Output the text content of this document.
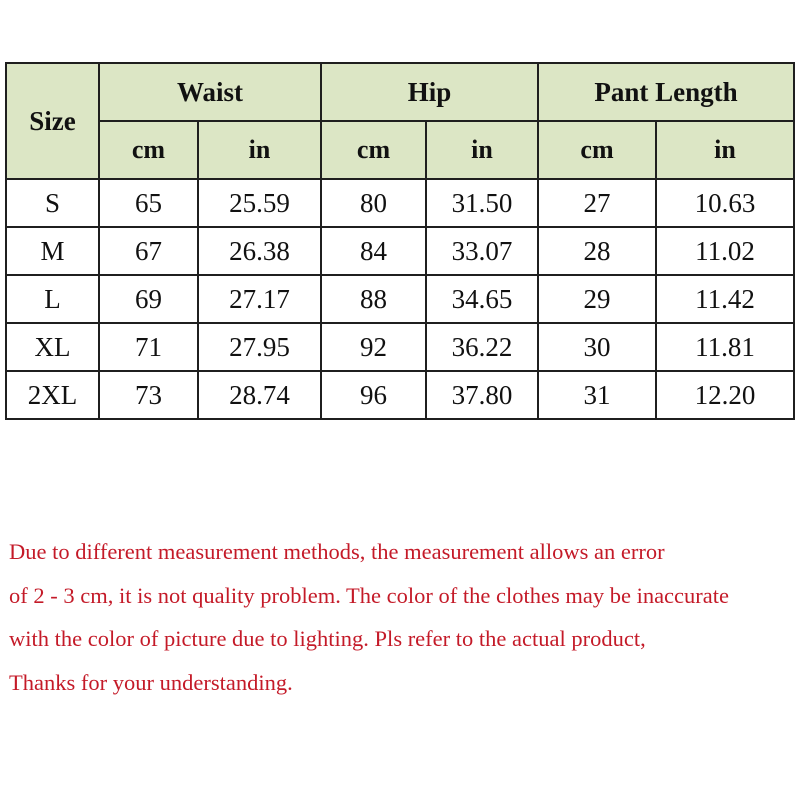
Size	Waist		Hip		Pant Length	
	cm	in	cm	in	cm	in
S	65	25.59	80	31.50	27	10.63
M	67	26.38	84	33.07	28	11.02
L	69	27.17	88	34.65	29	11.42
XL	71	27.95	92	36.22	30	11.81
2XL	73	28.74	96	37.80	31	12.20
Due to different measurement methods, the measurement allows an error
of 2 - 3 cm, it is not quality problem. The color of the clothes may be inaccurate
with the color of picture due to lighting. Pls refer to the actual product,
Thanks for your understanding.
